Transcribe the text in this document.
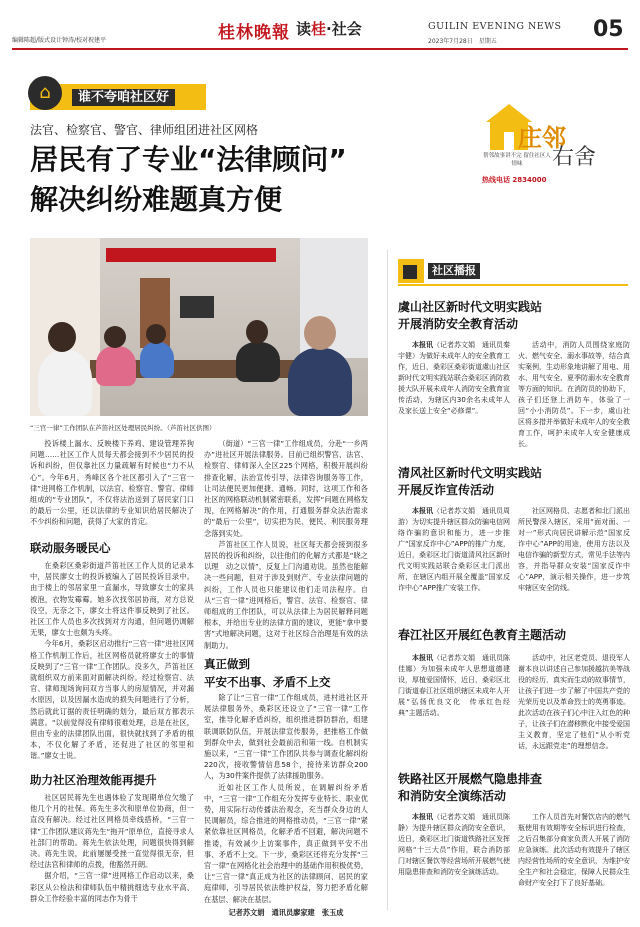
编辑陈超/版式设计钟涛/校对祝建平	桂林晚報 读桂·社会	GUILIN EVENING NEWS
2023年7月28日　 星期五	05
⌂	谁不夸咱社区好
法官、检察官、警官、律师组团进社区网格
居民有了专业“法律顾问”
解决纠纷难题真方便
庄邻
右舍
帮邻故事讲不完 留住社区人情味
热线电话 2834000
“三官一律”工作团队在芦笛社区处理居民纠纷。（芦笛社区供图）

投诉楼上漏水、反映楼下养鸡、建设管理养狗问题……社区工作人员每天都会接到不少居民的投诉和纠纷，但仅靠社区力量疏解有时候也“力不从心”。今年6月，秀峰区各个社区都引入了“三官一律”进网格工作机制，以法官、检察官、警官、律师组成的“专业团队”，不仅将法治送到了居民家门口的最后一公里，还以法律的专业知识给居民解决了不少纠纷和问题，获得了大家的肯定。

联动服务暖民心

在桑彩区桑彩街道芦笛社区工作人员的记录本中，居民廖女士的投诉被编入了居民投诉目录中。由于楼上的邻居家里一直漏水，导致廖女士的家具被泡，衣物发霉霉。她多次找邻居协商，对方总说没空，无奈之下，廖女士将这件事反映到了社区。社区工作人员也多次找到对方沟通，但问题仍调解无果，廖女士也颇为头疼。

今年6月，桑彩区启动推行“三官一律”进社区网格工作机制工作后，社区网格员就将廖女士的事情反映到了“三官一律”工作团队。没多久，芦笛社区就组织双方前来面对面解决纠纷。经过检察官、法官、律师现场询问双方当事人的房屋情况，并对漏水原因，以及因漏水造成的损失问题进行了分析，然后就此订据的责任明确的划分，最后双方都表示满意。“以前觉得没有律师很难处理，总是在社区，但由专业的法律团队出面，很快就找到了矛盾的根本，不仅化解了矛盾，还促进了社区的邻里和谐。”廖女士说。

助力社区治理效能再提升

社区居民蒋先生也遇体验了发现期单位欠缴了他几个月的社保。蒋先生多次和原单位协商，但一直没有解决。经过社区网格员牵线搭桥，“三官一律”工作团队建议蒋先生“拖开”原单位，直接寻求人社部门的帮助。蒋先生依法处理，问题很快得到解决。蒋先生说，此前屡屡受挫一直觉得很无奈，但经过法官和律师的点拨，他豁然开朗。

据介绍，“三官一律”进网格工作启动以来，桑彩区从公检法和律师队伍中精挑细选专业水平高、群众工作经验丰富的同志作为骨干

（街道）“三官一律”工作组成员，分赴“一乡两办”进社区开展法律服务。目前已组织警官、法官、检察官、律师深入全区225个网格，积极开展纠纷排查化解，法治宣传引导，法律咨询服务等工作，让司法便民更加便捷、通畅。同时，这项工作和各社区的网格联动机制紧密联系，发挥“问题在网格发现，在网格解决”的作用，打通服务群众法治需求的“最后一公里”，切实把为民、便民、利民服务理念落到实处。

芦笛社区工作人员说，社区每天都会接到很多居民的投诉和纠纷，以往他们的化解方式都是“晓之以理　动之以情”，反复上门沟通劝说。虽然也能解决一些问题，但对于涉及到财产、专业法律问题的纠纷，工作人员也只能建议他们走司法程序。自从“三官一律”进网格后，警官、法官、检察官、律师组成的工作团队，可以从法律上为居民解释问题根本，并给出专业的法律方面的建议，更能“拿中要害”式地解决问题，这对于社区综合治理是有效的法制助力。

真正做到
平安不出事、矛盾不上交

除了让“三官一律”工作组成员，进村进社区开展法律服务外，桑彩区还设立了“三官一律”工作室，推导化解矛盾纠纷，组织推进群防群治，组建联调联防队伍，开展法律宣传服务，把推格工作做到群众中去，做到社会最前沿和第一线。自机制实施以来，“三官一律”工作团队共参与调查化解纠纷220次，接收警情信息58个，接待来访群众200人，为30件案件提供了法律援助服务。

近如社区工作人员所说，在调解纠纷矛盾中，“三官一律”工作组充分发挥专业特长、职业优势，用实际行动传播法治观念，充当群众身边的人民调解员，综合推进的网格推动员，“三官一律”紧紧依靠社区网格员，化解矛盾不回避，解决问题不推诿，有效减少上访案事件，真正做到平安不出事、矛盾不上交。下一步，桑彩区还将充分发挥“三官一律”在网格化社会治理中的基础作用积极优势，让“三官一律”真正成为社区的法律顾问、居民的家庭律师，引导居民依法维护权益，努力把矛盾化解在基层、解决在基层。

记者苏文娟　通讯员廖家建　张玉成
社区播报
虞山社区新时代文明实践站
开展消防安全教育活动

本报讯（记者苏文娟　通讯员秦宇健）为做好未成年人的安全教育工作，近日，桑彩区桑彩街道虞山社区新时代文明实践站联合桑彩区消防救援大队开展未成年人消防安全教育宣传活动，为辖区内30余名未成年人及家长送上安全“必修课”。

活动中，消防人员围绕家庭防火、燃气安全、溺水事故等，结合真实案例，生动形象地讲解了用电、用水、用气安全、夏季防溺水安全教育等方面的知识。在消防员的协助下，孩子们还登上消防车，体验了一回“小小消防员”。下一步，虞山社区将多措并举做好未成年人的安全教育工作，呵护未成年人安全健康成长。

清风社区新时代文明实践站
开展反诈宣传活动

本报讯（记者苏文娟　通讯员周游）为切实提升辖区群众防骗电信网络诈骗的意识和能力，进一步推广“国家反诈中心”APP的推广力度，近日，桑彩区北门街道清风社区新时代文明实践站联合桑彩区北门派出所，在辖区内组开展全覆盖“国家反诈中心”APP推广安装工作。

社区网格员、志愿者和北门派出所民警深入辖区，采用“面对面、一对一”形式向居民讲解示范“国家反诈中心”APP的用途，使用方法以及电信诈骗的新型方式，常见手法等内容，并指导群众安装“国家反诈中心”APP，演示相关操作，进一步筑牢辖区安全防线。

春江社区开展红色教育主题活动

本报讯（记者苏文娟　通讯员陈佳娜）为加强未成年人思想道德建设，厚植爱国情怀，近日，桑彩区北门街道春江社区组织辖区未成年人开展“弘扬优良文化　传承红色经典”主题活动。

活动中，社区老党员、退役军人谢本良以讲述自己参加援越抗美等战役的经历，真实而生动的故事情节，让孩子们进一步了解了中国共产党的光荣历史以及革命烈士的英勇事迹。此次活动在孩子们心中注入红色的种子，让孩子们在潜移默化中接受爱国主义教育，坚定了他们“从小听党话，永远跟党走”的理想信念。

铁路社区开展燃气隐患排查
和消防安全演练活动

本报讯（记者苏文娟　通讯员陈静）为提升辖区群众消防安全意识，近日，桑彩区北门街道铁路社区发挥网格“十三大员”作用，联合消防部门对辖区餐饮等经营场所开展燃气使用隐患排查和消防安全演练活动。

工作人员首先对餐饮店内的燃气瓶使用有效期等安全标识进行检查，之后召集部分商家负责人开展了消防应急演练。此次活动有效提升了辖区内经营性场所的安全意识，为维护安全生产和社会稳定，保障人民群众生命财产安全打下了良好基础。
